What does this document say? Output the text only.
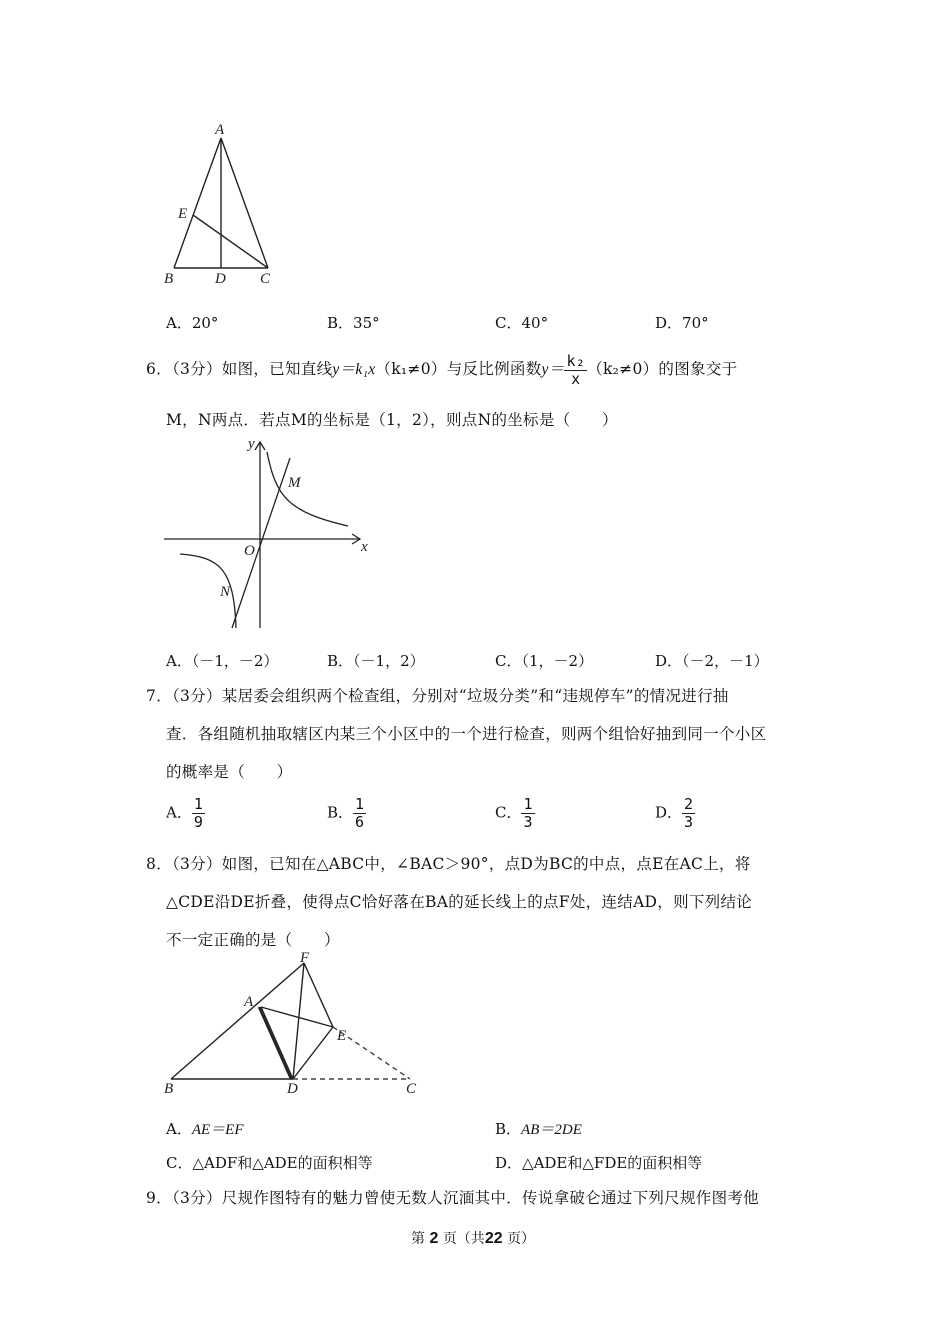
A
E
B	D C
A．20°	B．35°	C．40°	D．70°
6．（3分）如图，已知直线y＝k₁x（k₁≠0）与反比例函数$y= \frac{\text{k₂}}{x} (k_2\ne 0)$的图象交于
M，N两点．若点M的坐标是（1，2），则点N的坐标是（　　）
y
x
O
M
N
A．（－1，－2）	B．（－1，2）	C．（1，－2）	D．（－2，－1）
7．（3分）某居委会组织两个检查组，分别对“垃圾分类”和“违规停车”的情况进行抽
查．各组随机抽取辖区内某三个小区中的一个进行检查，则两个组恰好抽到同一个小区
的概率是（　　）
A． $\frac{1}{9}$	B． $\frac{1}{6}$	C． $\frac{1}{3}$	D． $\frac{2}{3}$
8．（3分）如图，已知在△ABC中，∠BAC＞90°，点D为BC的中点，点E在AC上，将
△CDE沿DE折叠，使得点C恰好落在BA的延长线上的点F处，连结AD，则下列结论
不一定正确的是（　　）
F
A
E
B	D	C
A．AE＝EF	B．AB＝2DE
C．△ADF和△ADE的面积相等	D．△ADE和△FDE的面积相等
9．（3分）尺规作图特有的魅力曾使无数人沉湎其中．传说拿破仑通过下列尺规作图考他
第 2 页（共22 页）
